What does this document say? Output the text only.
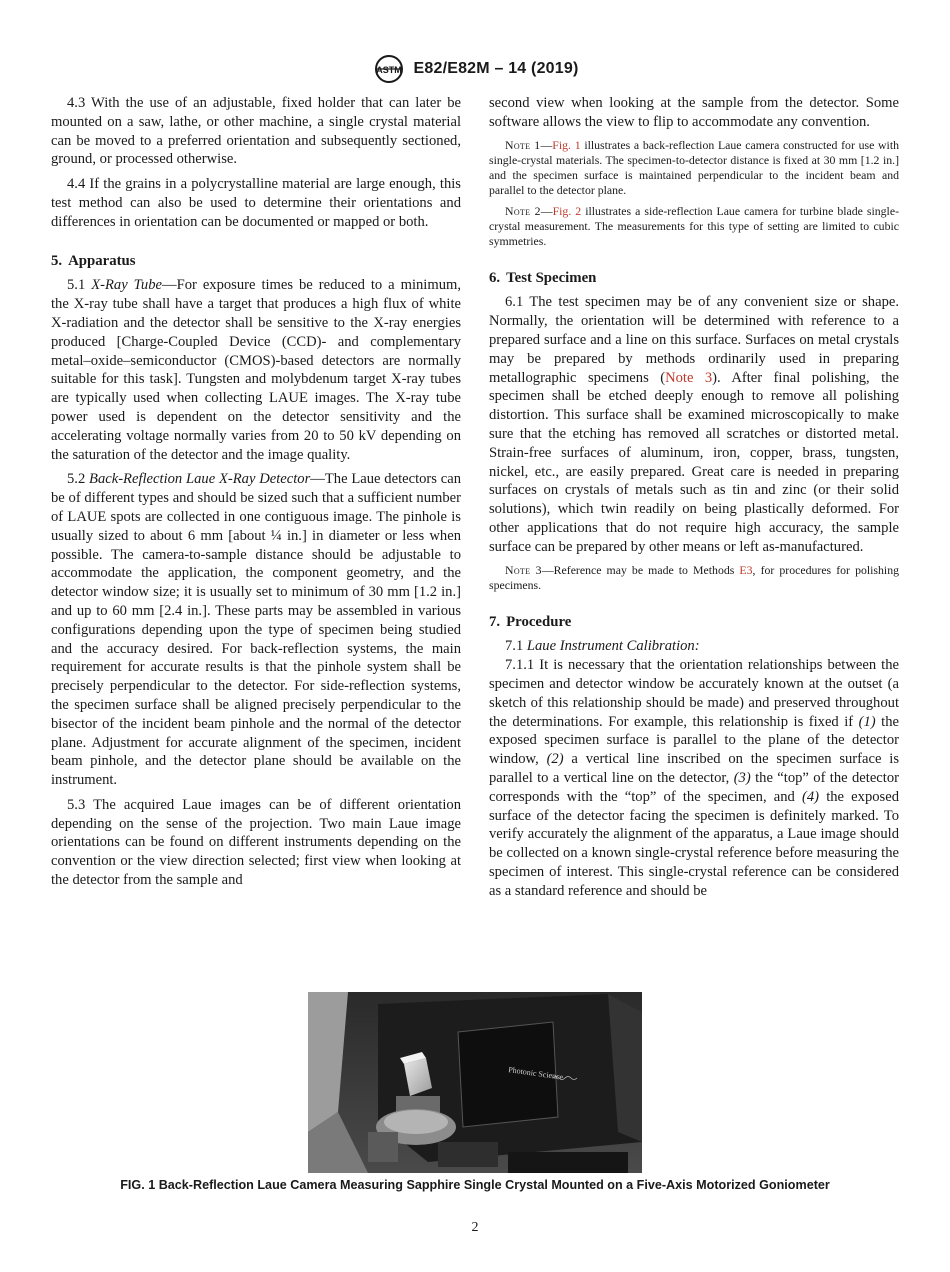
ASTM E82/E82M – 14 (2019)

4.3 With the use of an adjustable, fixed holder that can later be mounted on a saw, lathe, or other machine, a single crystal material can be moved to a preferred orientation and subsequently sectioned, ground, or processed otherwise.

4.4 If the grains in a polycrystalline material are large enough, this test method can also be used to determine their orientations and differences in orientation can be documented or mapped or both.

5. Apparatus

5.1 X-Ray Tube—For exposure times be reduced to a minimum, the X-ray tube shall have a target that produces a high flux of white X-radiation and the detector shall be sensitive to the X-ray energies produced [Charge-Coupled Device (CCD)- and complementary metal–oxide–semiconductor (CMOS)-based detectors are normally suitable for this task]. Tungsten and molybdenum target X-ray tubes are typically used when collecting LAUE images. The X-ray tube power used is dependent on the detector sensitivity and the accelerating voltage normally varies from 20 to 50 kV depending on the saturation of the detector and the image quality.

5.2 Back-Reflection Laue X-Ray Detector—The Laue detectors can be of different types and should be sized such that a sufficient number of LAUE spots are collected in one contiguous image. The pinhole is usually sized to about 6 mm [about ¼ in.] in diameter or less when possible. The camera-to-sample distance should be adjustable to accommodate the application, the component geometry, and the detector window size; it is usually set to minimum of 30 mm [1.2 in.] and up to 60 mm [2.4 in.]. These parts may be assembled in various configurations depending upon the type of specimen being studied and the accuracy desired. For back-reflection systems, the main requirement for accurate results is that the pinhole system shall be precisely perpendicular to the detector. For side-reflection systems, the specimen surface shall be aligned precisely perpendicular to the bisector of the incident beam pinhole and the normal of the detector plane. Adjustment for accurate alignment of the specimen, incident beam pinhole, and the detector plane should be available on the instrument.

5.3 The acquired Laue images can be of different orientation depending on the sense of the projection. Two main Laue image orientations can be found on different instruments depending on the convention or the view direction selected; first view when looking at the detector from the sample and

second view when looking at the sample from the detector. Some software allows the view to flip to accommodate any convention.

Note 1—Fig. 1 illustrates a back-reflection Laue camera constructed for use with single-crystal materials. The specimen-to-detector distance is fixed at 30 mm [1.2 in.] and the specimen surface is maintained perpendicular to the incident beam and parallel to the detector plane.
Note 2—Fig. 2 illustrates a side-reflection Laue camera for turbine blade single-crystal measurement. The measurements for this type of setting are limited to cubic symmetries.
6. Test Specimen

6.1 The test specimen may be of any convenient size or shape. Normally, the orientation will be determined with reference to a prepared surface and a line on this surface. Surfaces on metal crystals may be prepared by methods ordinarily used in preparing metallographic specimens (Note 3). After final polishing, the specimen shall be etched deeply enough to remove all polishing distortion. This surface shall be examined microscopically to make sure that the etching has removed all scratches or distorted metal. Strain-free surfaces of aluminum, iron, copper, brass, tungsten, nickel, etc., are easily prepared. Great care is needed in preparing surfaces on crystals of metals such as tin and zinc (or their solid solutions), which twin readily on being plastically deformed. For other applications that do not require high accuracy, the sample surface can be prepared by other means or left as-manufactured.

Note 3—Reference may be made to Methods E3, for procedures for polishing specimens.
7. Procedure

7.1 Laue Instrument Calibration:

7.1.1 It is necessary that the orientation relationships between the specimen and detector window be accurately known at the outset (a sketch of this relationship should be made) and preserved throughout the determinations. For example, this relationship is fixed if (1) the exposed specimen surface is parallel to the plane of the detector window, (2) a vertical line inscribed on the specimen surface is parallel to a vertical line on the detector, (3) the “top” of the detector corresponds with the “top” of the specimen, and (4) the exposed surface of the detector facing the specimen is definitely marked. To verify accurately the alignment of the apparatus, a Laue image should be collected on a known single-crystal reference before measuring the specimen of interest. This single-crystal reference can be considered as a standard reference and should be

Photonic Science
FIG. 1 Back-Reflection Laue Camera Measuring Sapphire Single Crystal Mounted on a Five-Axis Motorized Goniometer
2
